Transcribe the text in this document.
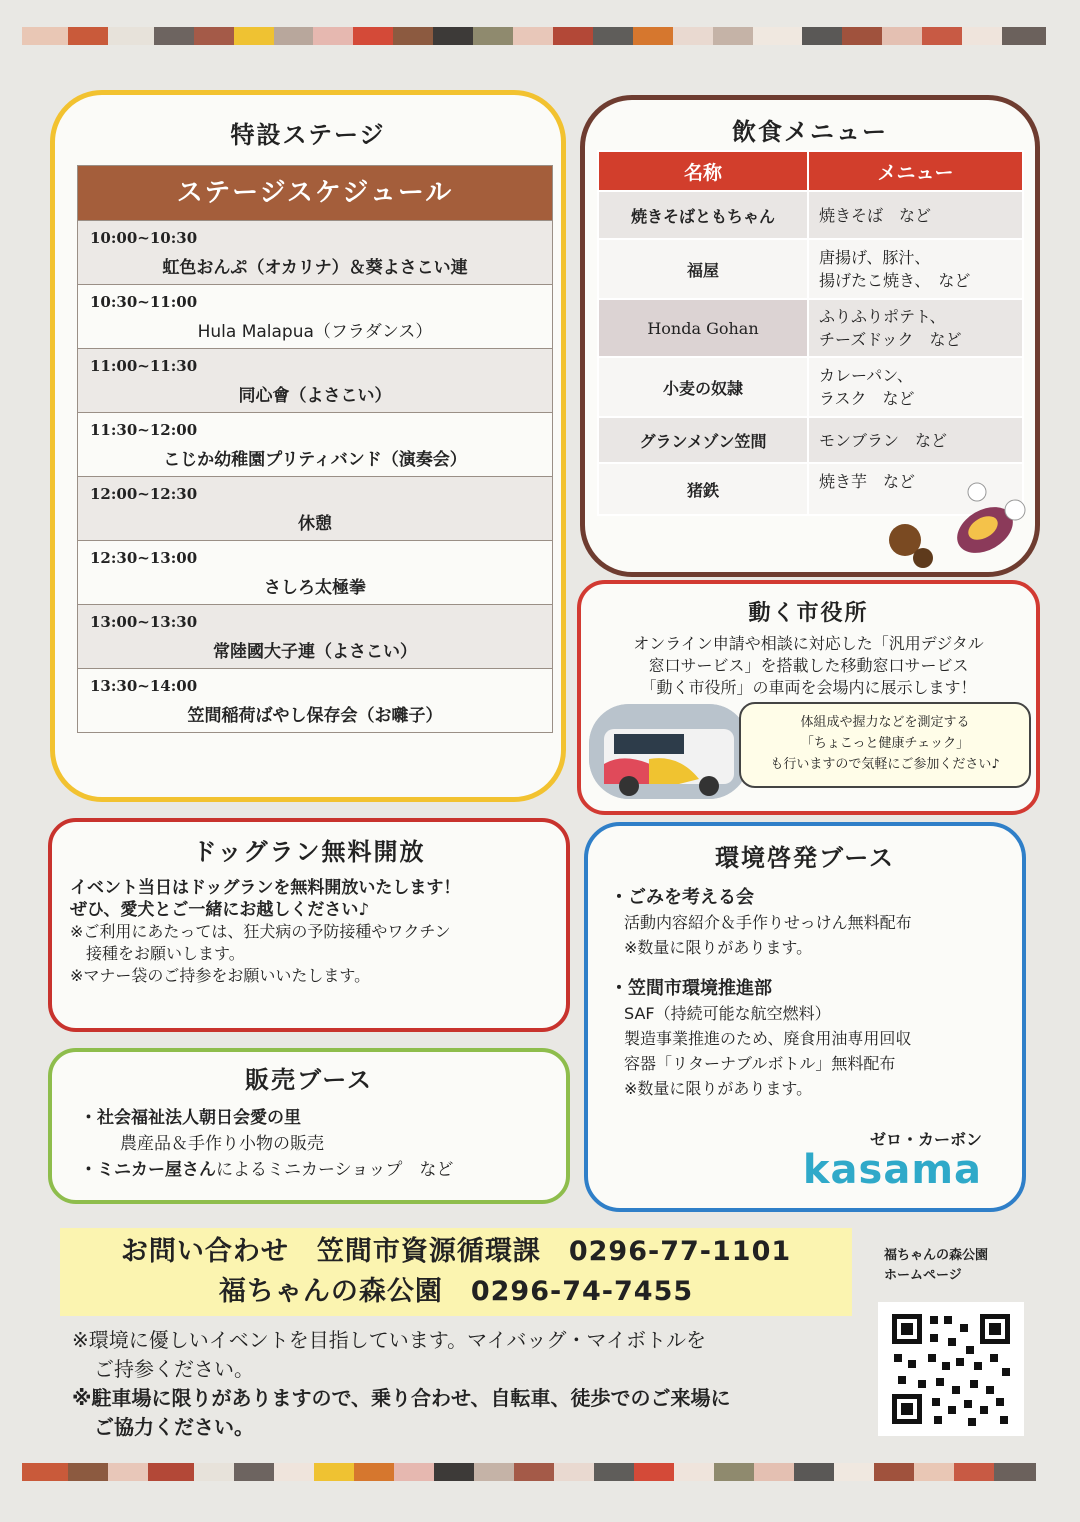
特設ステージ
ステージスケジュール
10:00~10:30
虹色おんぷ（オカリナ）＆葵よさこい連
10:30~11:00
Hula Malapua（フラダンス）
11:00~11:30
同心會（よさこい）
11:30~12:00
こじか幼稚園プリティバンド（演奏会）
12:00~12:30
休憩
12:30~13:00
さしろ太極拳
13:00~13:30
常陸國大子連（よさこい）
13:30~14:00
笠間稲荷ばやし保存会（お囃子）
飲食メニュー
名称	メニュー
焼きそばともちゃん	焼きそば　など

福屋	唐揚げ、豚汁、
揚げたこ焼き、　など

Honda Gohan	ふりふりポテト、
チーズドック　など

小麦の奴隷	カレーパン、
ラスク　など

グランメゾン笠間	モンブラン　など

猪鉄	焼き芋　など
動く市役所
オンライン申請や相談に対応した「汎用デジタル
窓口サービス」を搭載した移動窓口サービス
「動く市役所」の車両を会場内に展示します！
体組成や握力などを測定する
「ちょこっと健康チェック」
も行いますので気軽にご参加ください♪
ドッグラン無料開放
イベント当日はドッグランを無料開放いたします！
ぜひ、愛犬とご一緒にお越しください♪
※ご利用にあたっては、狂犬病の予防接種やワクチン
接種をお願いします。
※マナー袋のご持参をお願いいたします。
販売ブース
・社会福祉法人朝日会愛の里
農産品＆手作り小物の販売
・ミニカー屋さんによるミニカーショップ　など
環境啓発ブース
・ごみを考える会
活動内容紹介＆手作りせっけん無料配布
※数量に限りがあります。
・笠間市環境推進部
SAF（持続可能な航空燃料）
製造事業推進のため、廃食用油専用回収
容器「リターナブルボトル」無料配布
※数量に限りがあります。
ゼロ・カーボン
kasama
お問い合わせ　笠間市資源循環課　0296-77-1101
福ちゃんの森公園　0296-74-7455
※環境に優しいイベントを目指しています。マイバッグ・マイボトルを
ご持参ください。
※駐車場に限りがありますので、乗り合わせ、自転車、徒歩でのご来場に
ご協力ください。
福ちゃんの森公園
ホームページ
